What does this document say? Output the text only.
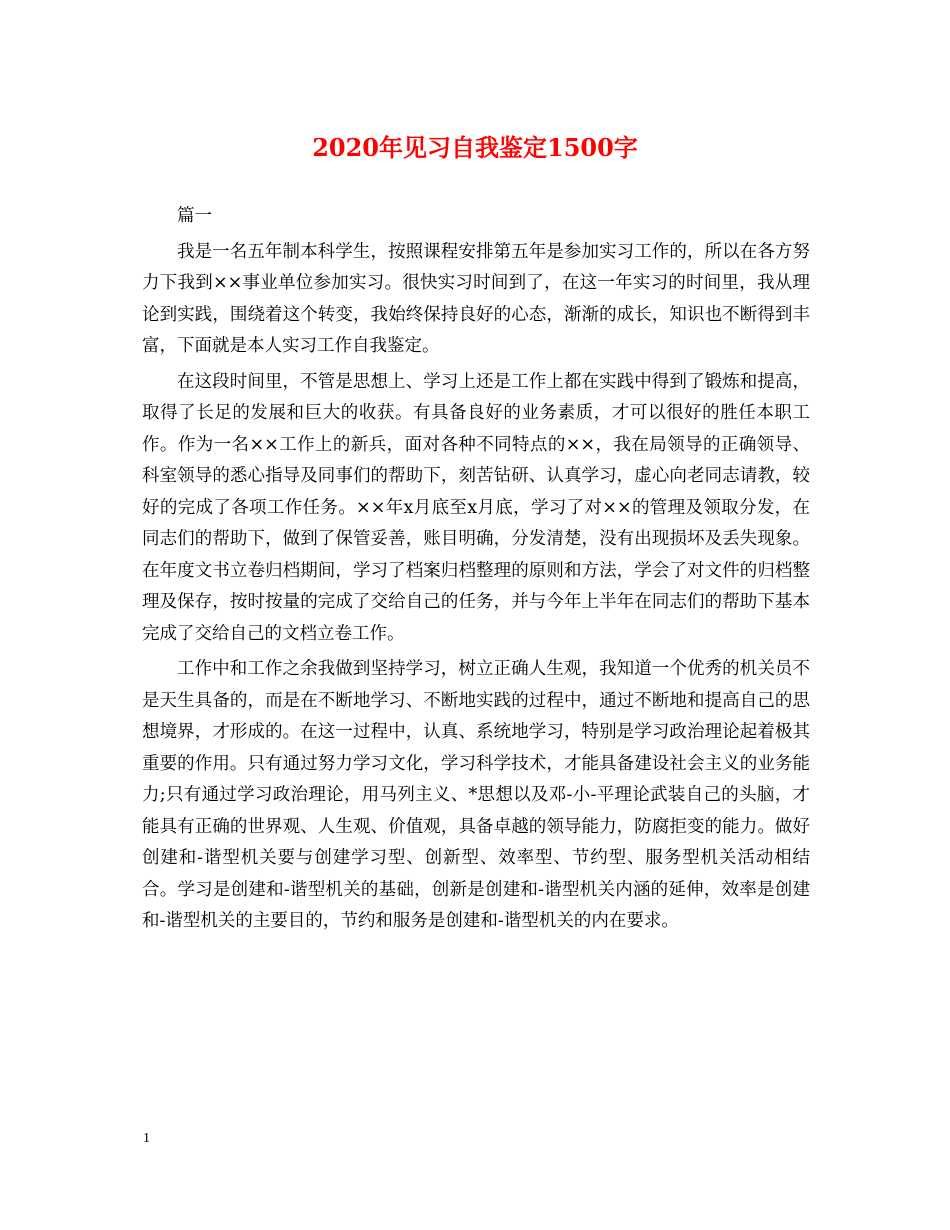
2020年见习自我鉴定1500字

篇一

我是一名五年制本科学生，按照课程安排第五年是参加实习工作的，所以在各方努力下我到××事业单位参加实习。很快实习时间到了，在这一年实习的时间里，我从理论到实践，围绕着这个转变，我始终保持良好的心态，渐渐的成长，知识也不断得到丰富，下面就是本人实习工作自我鉴定。

在这段时间里，不管是思想上、学习上还是工作上都在实践中得到了锻炼和提高，取得了长足的发展和巨大的收获。有具备良好的业务素质，才可以很好的胜任本职工作。作为一名××工作上的新兵，面对各种不同特点的××，我在局领导的正确领导、科室领导的悉心指导及同事们的帮助下，刻苦钻研、认真学习，虚心向老同志请教，较好的完成了各项工作任务。××年x月底至x月底，学习了对××的管理及领取分发，在同志们的帮助下，做到了保管妥善，账目明确，分发清楚，没有出现损坏及丢失现象。在年度文书立卷归档期间，学习了档案归档整理的原则和方法，学会了对文件的归档整理及保存，按时按量的完成了交给自己的任务，并与今年上半年在同志们的帮助下基本完成了交给自己的文档立卷工作。

工作中和工作之余我做到坚持学习，树立正确人生观，我知道一个优秀的机关员不是天生具备的，而是在不断地学习、不断地实践的过程中，通过不断地和提高自己的思想境界，才形成的。在这一过程中，认真、系统地学习，特别是学习政治理论起着极其重要的作用。只有通过努力学习文化，学习科学技术，才能具备建设社会主义的业务能力;只有通过学习政治理论，用马列主义、*思想以及邓-小-平理论武装自己的头脑，才能具有正确的世界观、人生观、价值观，具备卓越的领导能力，防腐拒变的能力。做好创建和-谐型机关要与创建学习型、创新型、效率型、节约型、服务型机关活动相结合。学习是创建和-谐型机关的基础，创新是创建和-谐型机关内涵的延伸，效率是创建和-谐型机关的主要目的，节约和服务是创建和-谐型机关的内在要求。

1
